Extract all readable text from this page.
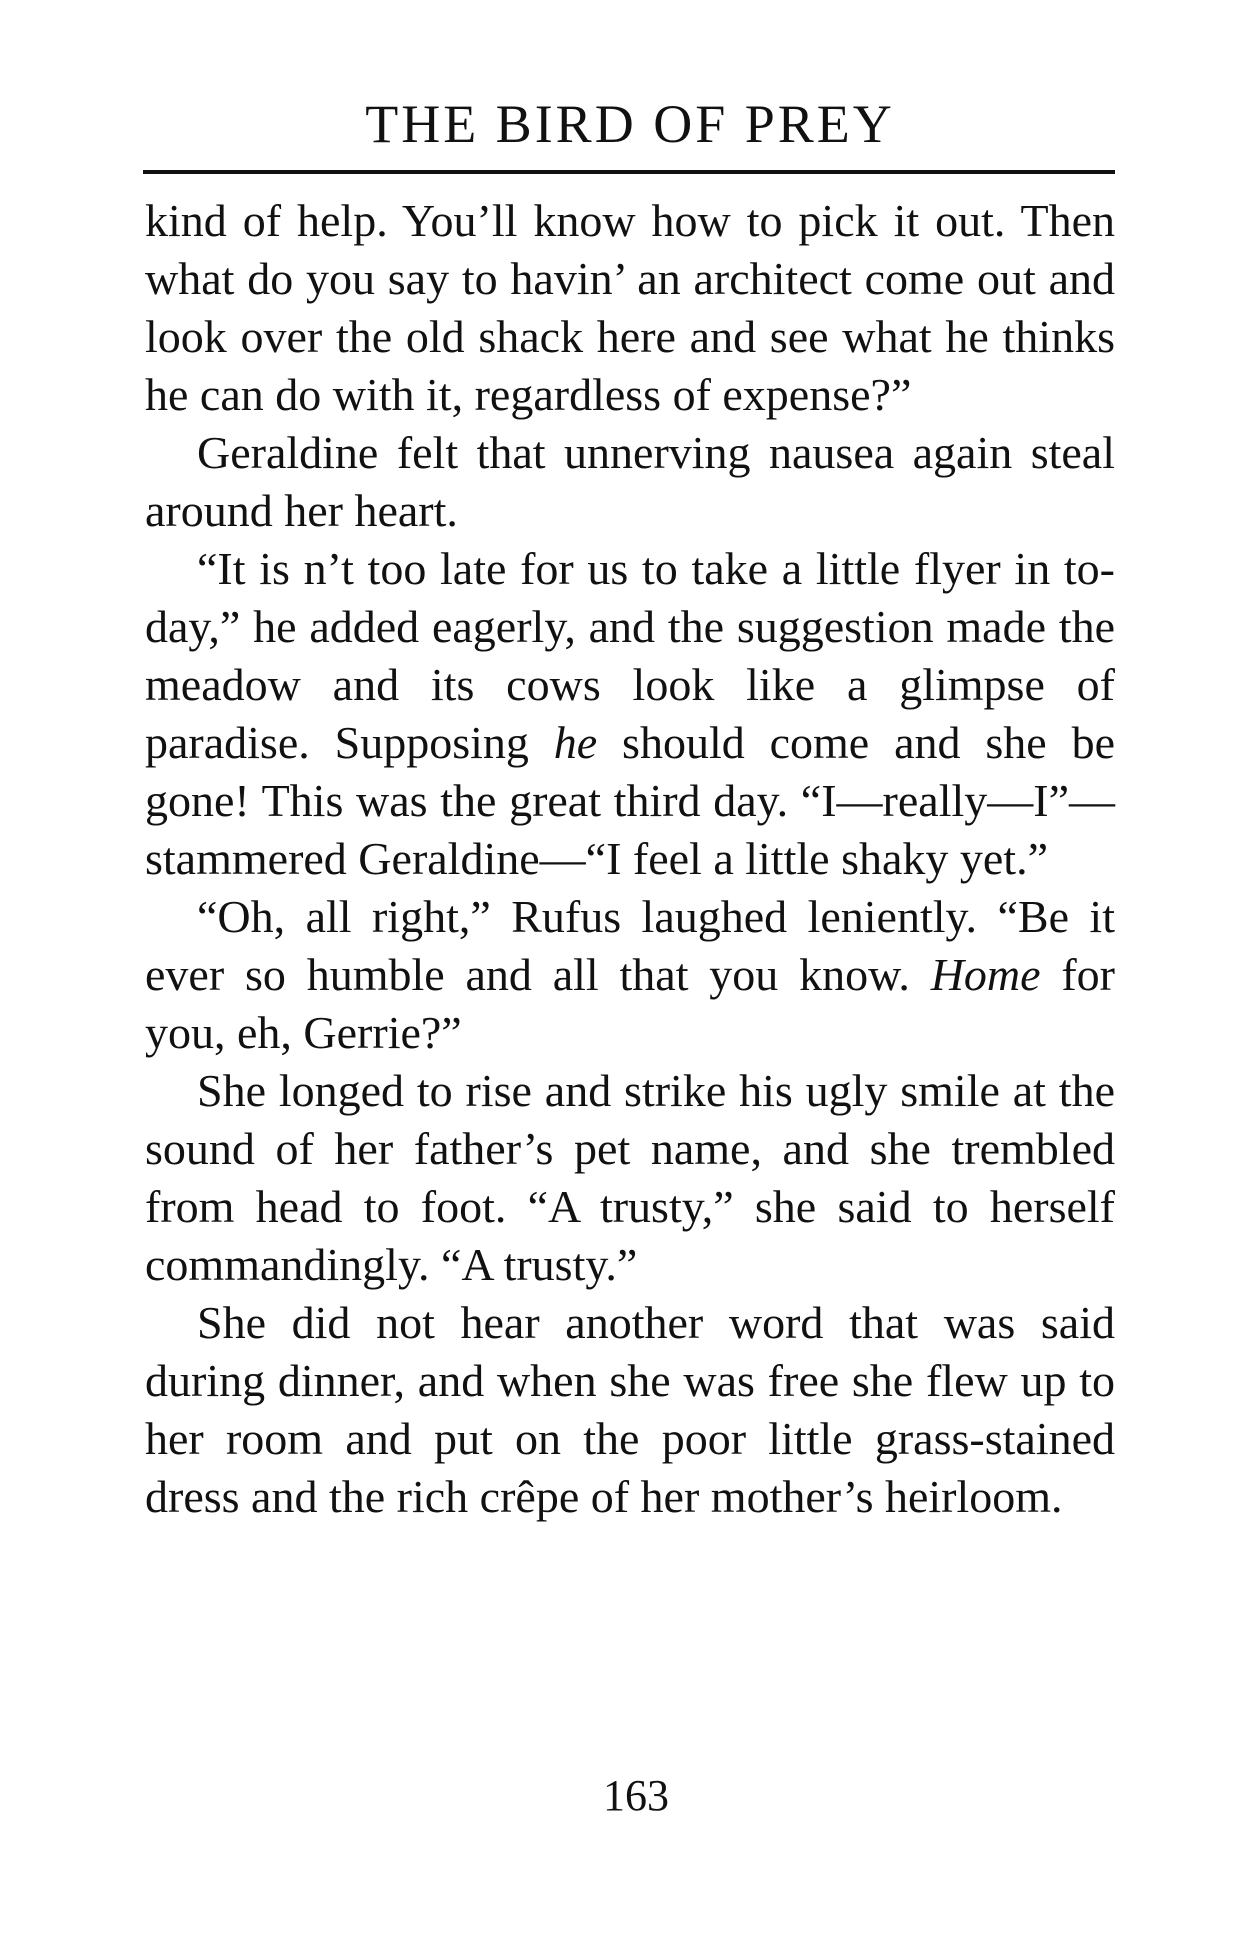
THE BIRD OF PREY

kind of help. You’ll know how to pick it out. Then what do you say to havin’ an architect come out and look over the old shack here and see what he thinks he can do with it, regardless of expense?”

Geraldine felt that unnerving nausea again steal around her heart.

“It is n’t too late for us to take a little flyer in to-day,” he added eagerly, and the suggestion made the meadow and its cows look like a glimpse of paradise. Supposing he should come and she be gone! This was the great third day. “I—really—I”—stammered Geraldine—“I feel a little shaky yet.”

“Oh, all right,” Rufus laughed leniently. “Be it ever so humble and all that you know. Home for you, eh, Gerrie?”

She longed to rise and strike his ugly smile at the sound of her father’s pet name, and she trembled from head to foot. “A trusty,” she said to herself commandingly. “A trusty.”

She did not hear another word that was said during dinner, and when she was free she flew up to her room and put on the poor little grass-stained dress and the rich crêpe of her mother’s heirloom.

163
